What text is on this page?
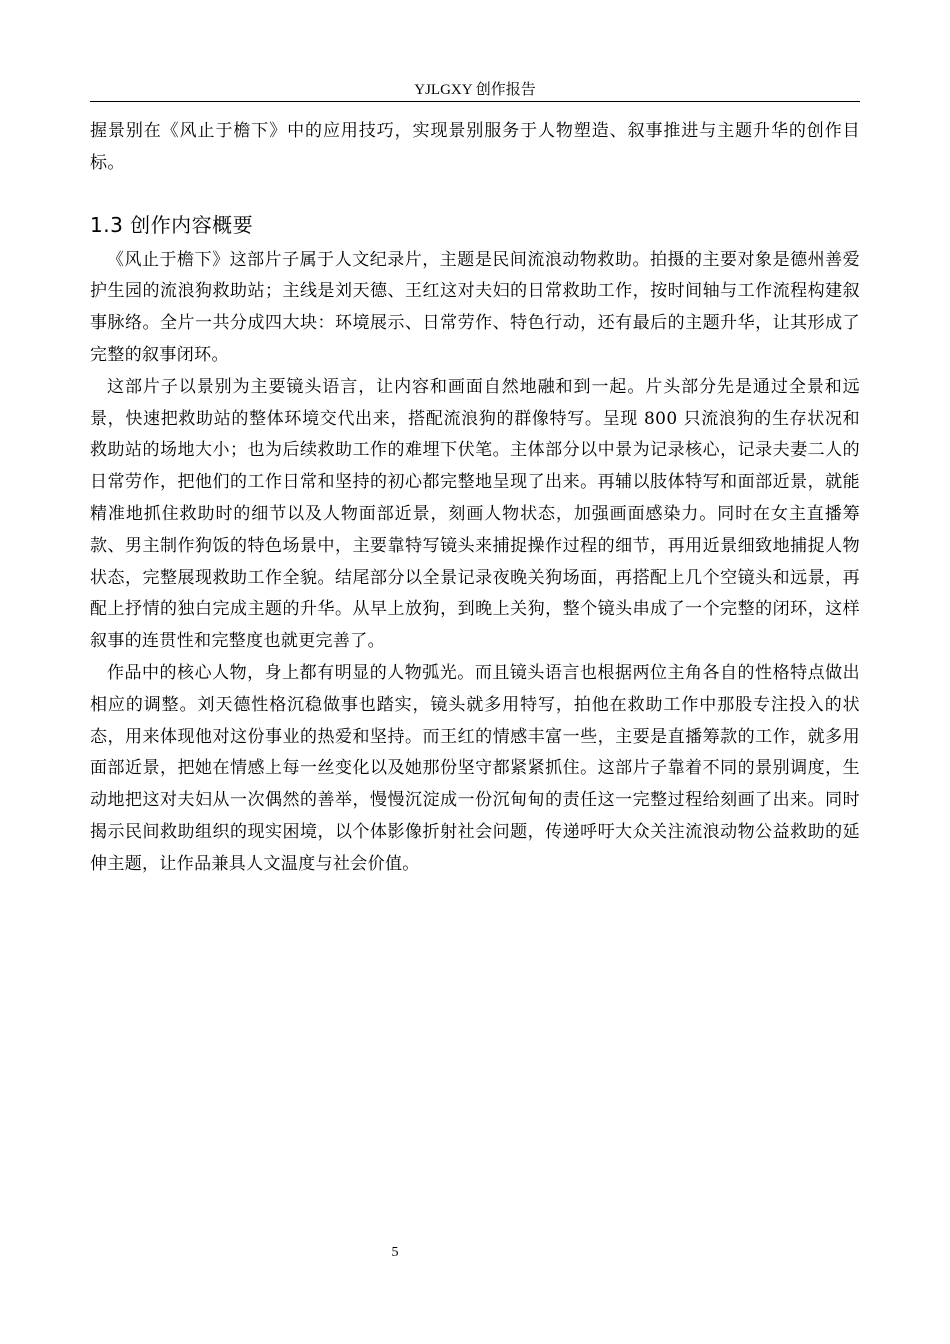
YJLGXY 创作报告

握景别在《风止于檐下》中的应用技巧，实现景别服务于人物塑造、叙事推进与主题升华的创作目标。

1.3 创作内容概要

《风止于檐下》这部片子属于人文纪录片，主题是民间流浪动物救助。拍摄的主要对象是德州善爱护生园的流浪狗救助站；主线是刘天德、王红这对夫妇的日常救助工作，按时间轴与工作流程构建叙事脉络。全片一共分成四大块：环境展示、日常劳作、特色行动，还有最后的主题升华，让其形成了完整的叙事闭环。

这部片子以景别为主要镜头语言，让内容和画面自然地融和到一起。片头部分先是通过全景和远景，快速把救助站的整体环境交代出来，搭配流浪狗的群像特写。呈现 800 只流浪狗的生存状况和救助站的场地大小；也为后续救助工作的难埋下伏笔。主体部分以中景为记录核心，记录夫妻二人的日常劳作，把他们的工作日常和坚持的初心都完整地呈现了出来。再辅以肢体特写和面部近景，就能精准地抓住救助时的细节以及人物面部近景，刻画人物状态，加强画面感染力。同时在女主直播筹款、男主制作狗饭的特色场景中，主要靠特写镜头来捕捉操作过程的细节，再用近景细致地捕捉人物状态，完整展现救助工作全貌。结尾部分以全景记录夜晚关狗场面，再搭配上几个空镜头和远景，再配上抒情的独白完成主题的升华。从早上放狗，到晚上关狗，整个镜头串成了一个完整的闭环，这样叙事的连贯性和完整度也就更完善了。

作品中的核心人物，身上都有明显的人物弧光。而且镜头语言也根据两位主角各自的性格特点做出相应的调整。刘天德性格沉稳做事也踏实，镜头就多用特写，拍他在救助工作中那股专注投入的状态，用来体现他对这份事业的热爱和坚持。而王红的情感丰富一些，主要是直播筹款的工作，就多用面部近景，把她在情感上每一丝变化以及她那份坚守都紧紧抓住。这部片子靠着不同的景别调度，生动地把这对夫妇从一次偶然的善举，慢慢沉淀成一份沉甸甸的责任这一完整过程给刻画了出来。同时揭示民间救助组织的现实困境，以个体影像折射社会问题，传递呼吁大众关注流浪动物公益救助的延伸主题，让作品兼具人文温度与社会价值。

5
